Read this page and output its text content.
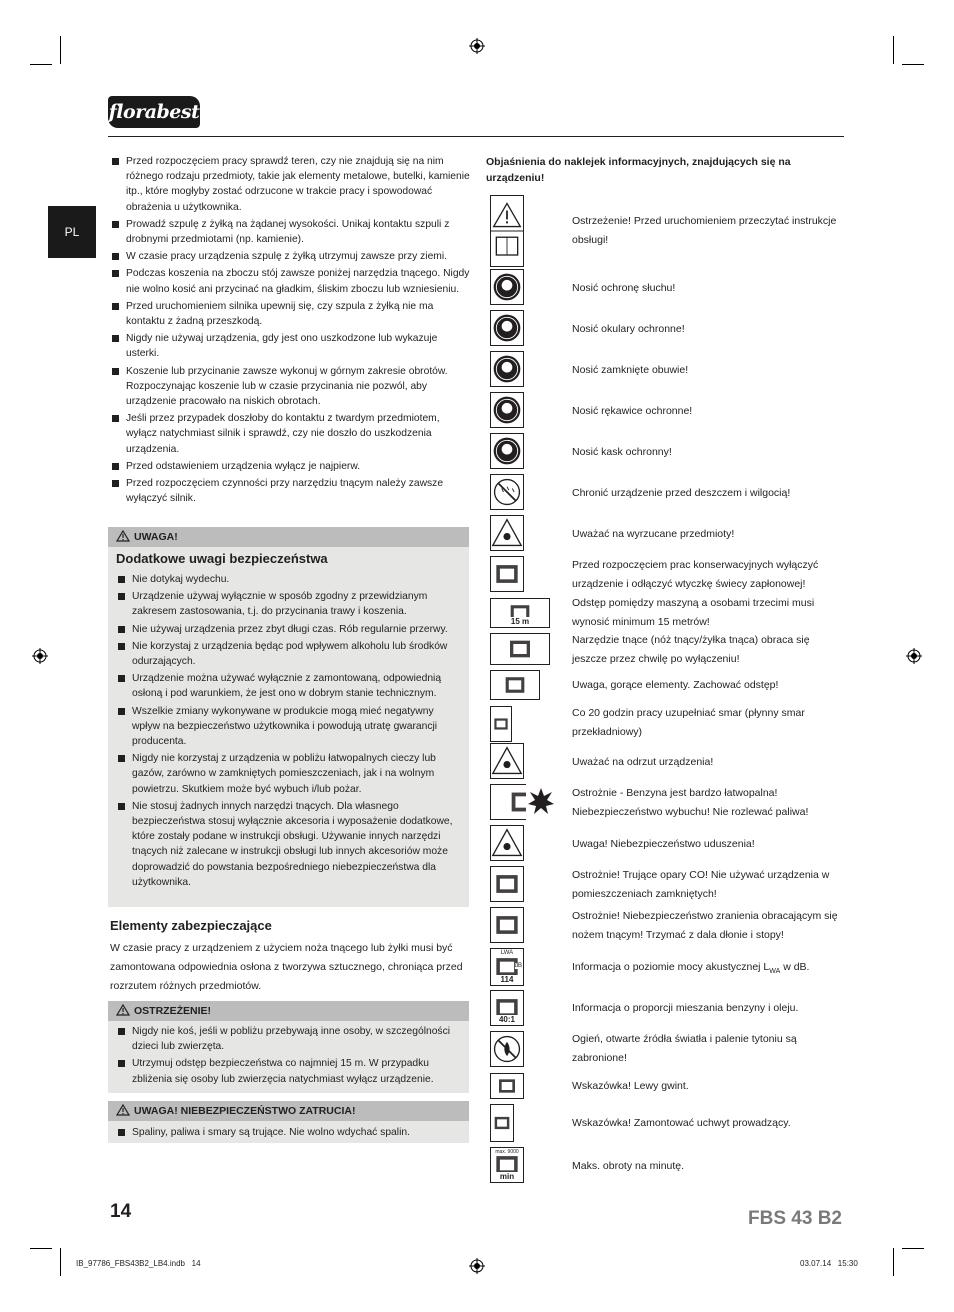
florabest
PL
Przed rozpoczęciem pracy sprawdź teren, czy nie znajdują się na nim różnego rodzaju przedmioty, takie jak elementy metalowe, butelki, kamienie itp., które mogłyby zostać odrzucone w trakcie pracy i spowodować obrażenia u użytkownika.
Prowadź szpulę z żyłką na żądanej wysokości. Unikaj kontaktu szpuli z drobnymi przedmiotami (np. kamienie).
W czasie pracy urządzenia szpulę z żyłką utrzymuj zawsze przy ziemi.
Podczas koszenia na zboczu stój zawsze poniżej narzędzia tnącego. Nigdy nie wolno kosić ani przycinać na gładkim, śliskim zboczu lub wzniesieniu.
Przed uruchomieniem silnika upewnij się, czy szpula z żyłką nie ma kontaktu z żadną przeszkodą.
Nigdy nie używaj urządzenia, gdy jest ono uszkodzone lub wykazuje usterki.
Koszenie lub przycinanie zawsze wykonuj w górnym zakresie obrotów. Rozpoczynając koszenie lub w czasie przycinania nie pozwól, aby urządzenie pracowało na niskich obrotach.
Jeśli przez przypadek doszłoby do kontaktu z twardym przedmiotem, wyłącz natychmiast silnik i sprawdź, czy nie doszło do uszkodzenia urządzenia.
Przed odstawieniem urządzenia wyłącz je najpierw.
Przed rozpoczęciem czynności przy narzędziu tnącym należy zawsze wyłączyć silnik.
UWAGA!
Dodatkowe uwagi bezpieczeństwa
Nie dotykaj wydechu.
Urządzenie używaj wyłącznie w sposób zgodny z przewidzianym zakresem zastosowania, t.j. do przycinania trawy i koszenia.
Nie używaj urządzenia przez zbyt długi czas. Rób regularnie przerwy.
Nie korzystaj z urządzenia będąc pod wpływem alkoholu lub środków odurzających.
Urządzenie można używać wyłącznie z zamontowaną, odpowiednią osłoną i pod warunkiem, że jest ono w dobrym stanie technicznym.
Wszelkie zmiany wykonywane w produkcie mogą mieć negatywny wpływ na bezpieczeństwo użytkownika i powodują utratę gwarancji producenta.
Nigdy nie korzystaj z urządzenia w pobliżu łatwopalnych cieczy lub gazów, zarówno w zamkniętych pomieszczeniach, jak i na wolnym powietrzu. Skutkiem może być wybuch i/lub pożar.
Nie stosuj żadnych innych narzędzi tnących. Dla własnego bezpieczeństwa stosuj wyłącznie akcesoria i wyposażenie dodatkowe, które zostały podane w instrukcji obsługi. Używanie innych narzędzi tnących niż zalecane w instrukcji obsługi lub innych akcesoriów może doprowadzić do powstania bezpośredniego niebezpieczeństwa dla użytkownika.
Elementy zabezpieczające
W czasie pracy z urządzeniem z użyciem noża tnącego lub żyłki musi być zamontowana odpowiednia osłona z tworzywa sztucznego, chroniąca przed rozrzutem różnych przedmiotów.
OSTRZEŻENIE!
Nigdy nie koś, jeśli w pobliżu przebywają inne osoby, w szczególności dzieci lub zwierzęta.
Utrzymuj odstęp bezpieczeństwa co najmniej 15 m. W przypadku zbliżenia się osoby lub zwierzęcia natychmiast wyłącz urządzenie.
UWAGA! NIEBEZPIECZEŃSTWO ZATRUCIA!
Spaliny, paliwa i smary są trujące. Nie wolno wdychać spalin.
Objaśnienia do naklejek informacyjnych, znajdujących się na urządzeniu!
Ostrzeżenie! Przed uruchomieniem przeczytać instrukcje obsługi!
Nosić ochronę słuchu!
Nosić okulary ochronne!
Nosić zamknięte obuwie!
Nosić rękawice ochronne!
Nosić kask ochronny!
Chronić urządzenie przed deszczem i wilgocią!
Uważać na wyrzucane przedmioty!
Przed rozpoczęciem prac konserwacyjnych wyłączyć urządzenie i odłączyć wtyczkę świecy zapłonowej!
15 m
Odstęp pomiędzy maszyną a osobami trzecimi musi wynosić minimum 15 metrów!
Narzędzie tnące (nóż tnący/żyłka tnąca) obraca się jeszcze przez chwilę po wyłączeniu!
Uwaga, gorące elementy. Zachować odstęp!
Co 20 godzin pracy uzupełniać smar (płynny smar przekładniowy)
Uważać na odrzut urządzenia!
Ostrożnie - Benzyna jest bardzo łatwopalna! Niebezpieczeństwo wybuchu! Nie rozlewać paliwa!
Uwaga! Niebezpieczeństwo uduszenia!
Ostrożnie! Trujące opary CO! Nie używać urządzenia w pomieszczeniach zamkniętych!
Ostrożnie! Niebezpieczeństwo zranienia obracającym się nożem tnącym! Trzymać z dala dłonie i stopy!
114
dB
LWA
Informacja o poziomie mocy akustycznej $L_{WA}$ w dB.
40:1
Informacja o proporcji mieszania benzyny i oleju.
Ogień, otwarte źródła światła i palenie tytoniu są zabronione!
Wskazówka! Lewy gwint.
Wskazówka! Zamontować uchwyt prowadzący.
min
max. 9000
Maks. obroty na minutę.
14	FBS 43 B2
IB_97786_FBS43B2_LB4.indb   14	03.07.14   15:30
